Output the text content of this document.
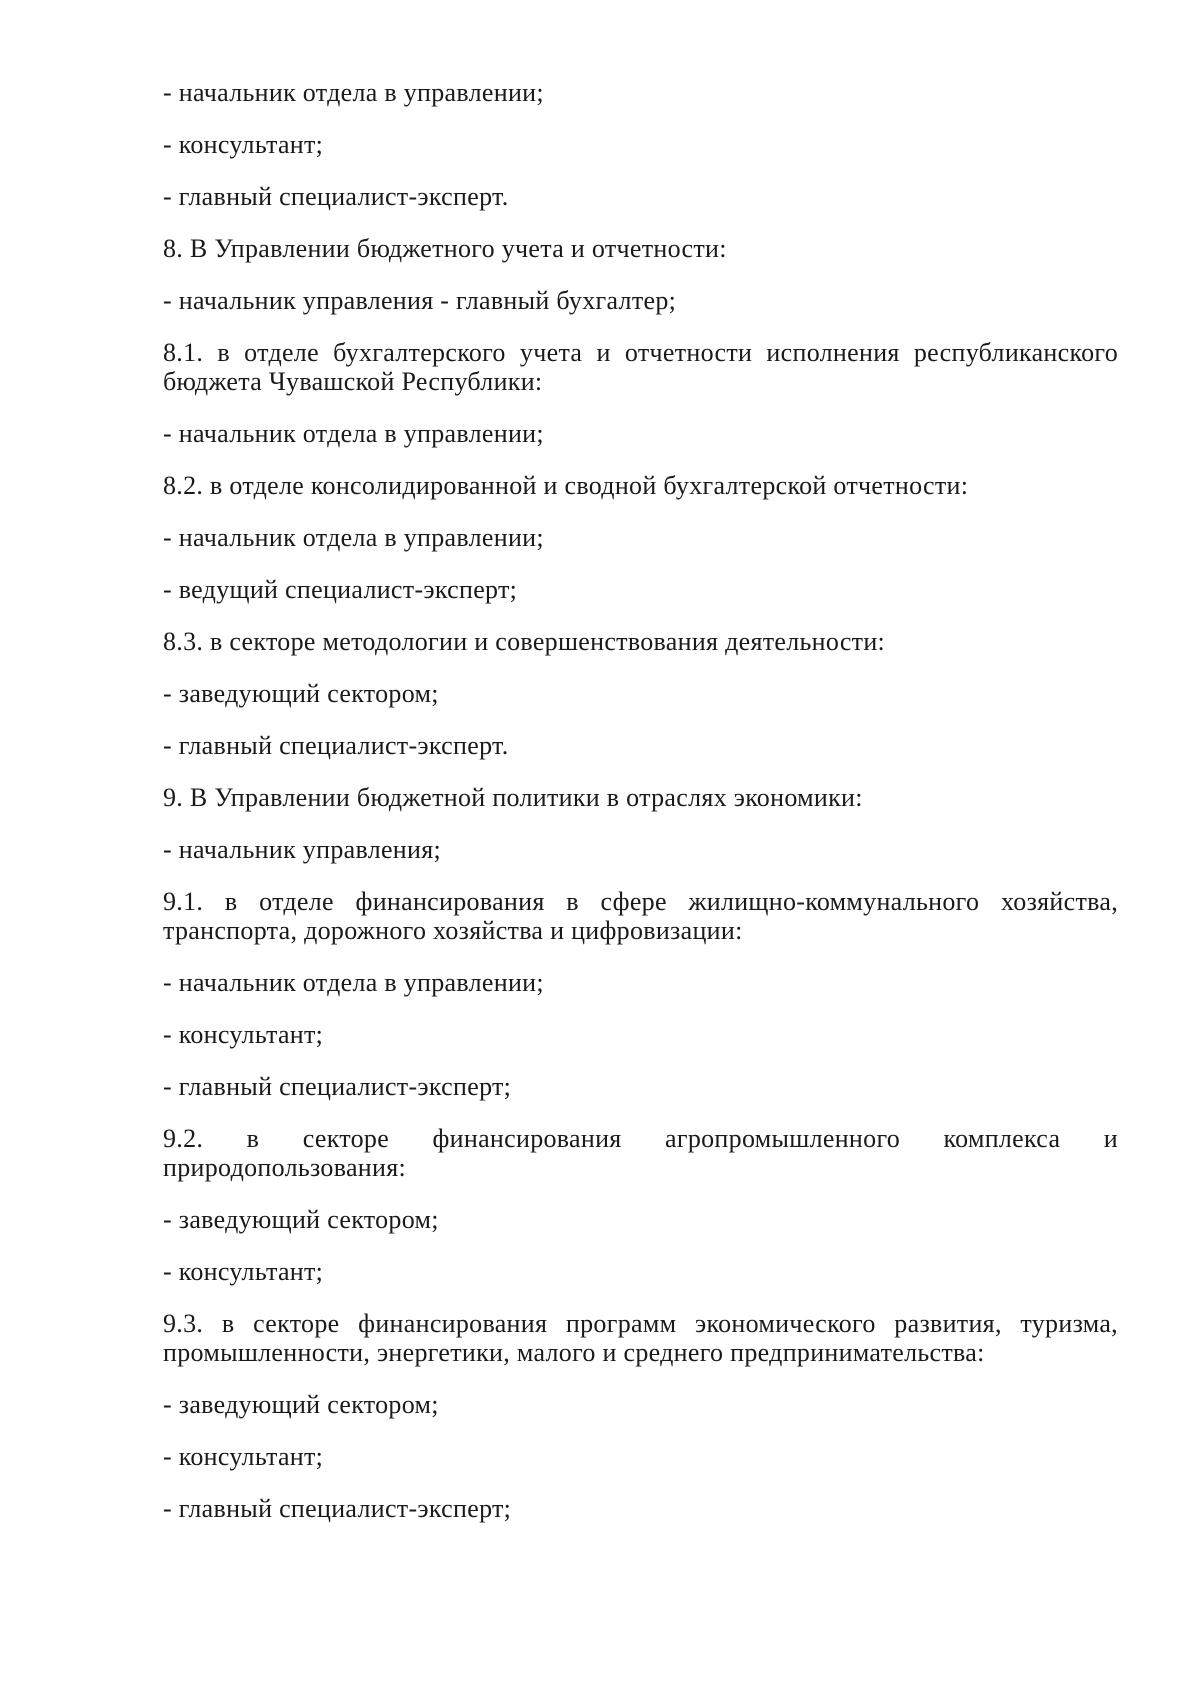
- начальник отдела в управлении;

- консультант;

- главный специалист-эксперт.

8. В Управлении бюджетного учета и отчетности:

- начальник управления - главный бухгалтер;

8.1. в отделе бухгалтерского учета и отчетности исполнения республиканского бюджета Чувашской Республики:

- начальник отдела в управлении;

8.2. в отделе консолидированной и сводной бухгалтерской отчетности:

- начальник отдела в управлении;

- ведущий специалист-эксперт;

8.3. в секторе методологии и совершенствования деятельности:

- заведующий сектором;

- главный специалист-эксперт.

9. В Управлении бюджетной политики в отраслях экономики:

- начальник управления;

9.1. в отделе финансирования в сфере жилищно-коммунального хозяйства, транспорта, дорожного хозяйства и цифровизации:

- начальник отдела в управлении;

- консультант;

- главный специалист-эксперт;

9.2. в секторе финансирования агропромышленного комплекса и природопользования:

- заведующий сектором;

- консультант;

9.3. в секторе финансирования программ экономического развития, туризма, промышленности, энергетики, малого и среднего предпринимательства:

- заведующий сектором;

- консультант;

- главный специалист-эксперт;
